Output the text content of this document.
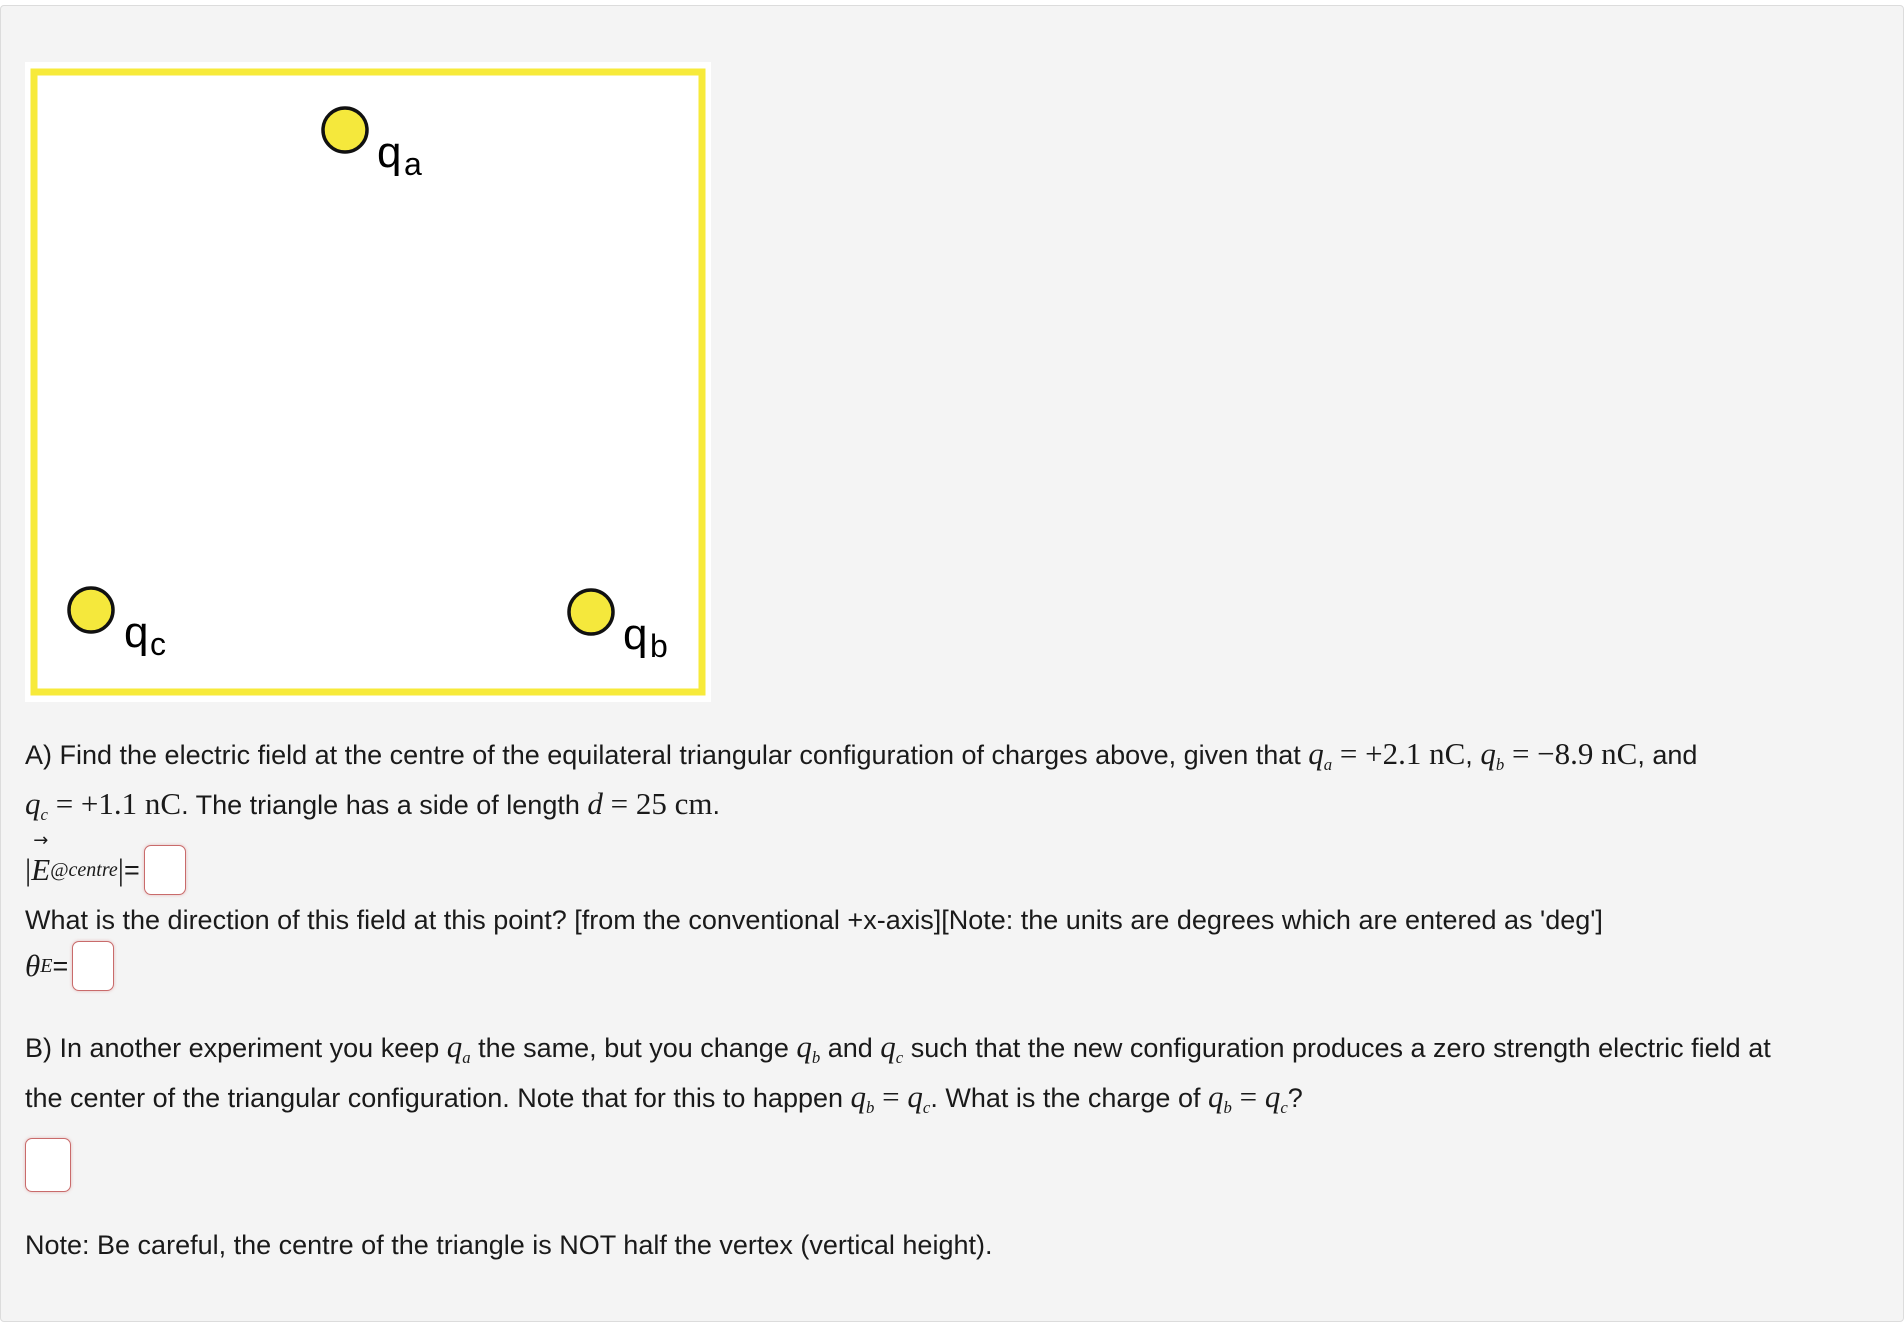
q a
q c	q b
A) Find the electric field at the centre of the equilateral triangular configuration of charges above, given that $q_a = +2.1$ nC, $q_b = -8.9$ nC, and
$q_c = +1.1$ nC. The triangle has a side of length d = 25 cm.
|
→ E @centre | =
What is the direction of this field at this point? [from the conventional +x-axis][Note: the units are degrees which are entered as 'deg']
θ E =
B) In another experiment you keep $q_a$ the same, but you change $q_b$ and $q_c$ such that the new configuration produces a zero strength electric field at
the center of the triangular configuration. Note that for this to happen $q_b = q_c$. What is the charge of $q_b = q_c$?
Note: Be careful, the centre of the triangle is NOT half the vertex (vertical height).
